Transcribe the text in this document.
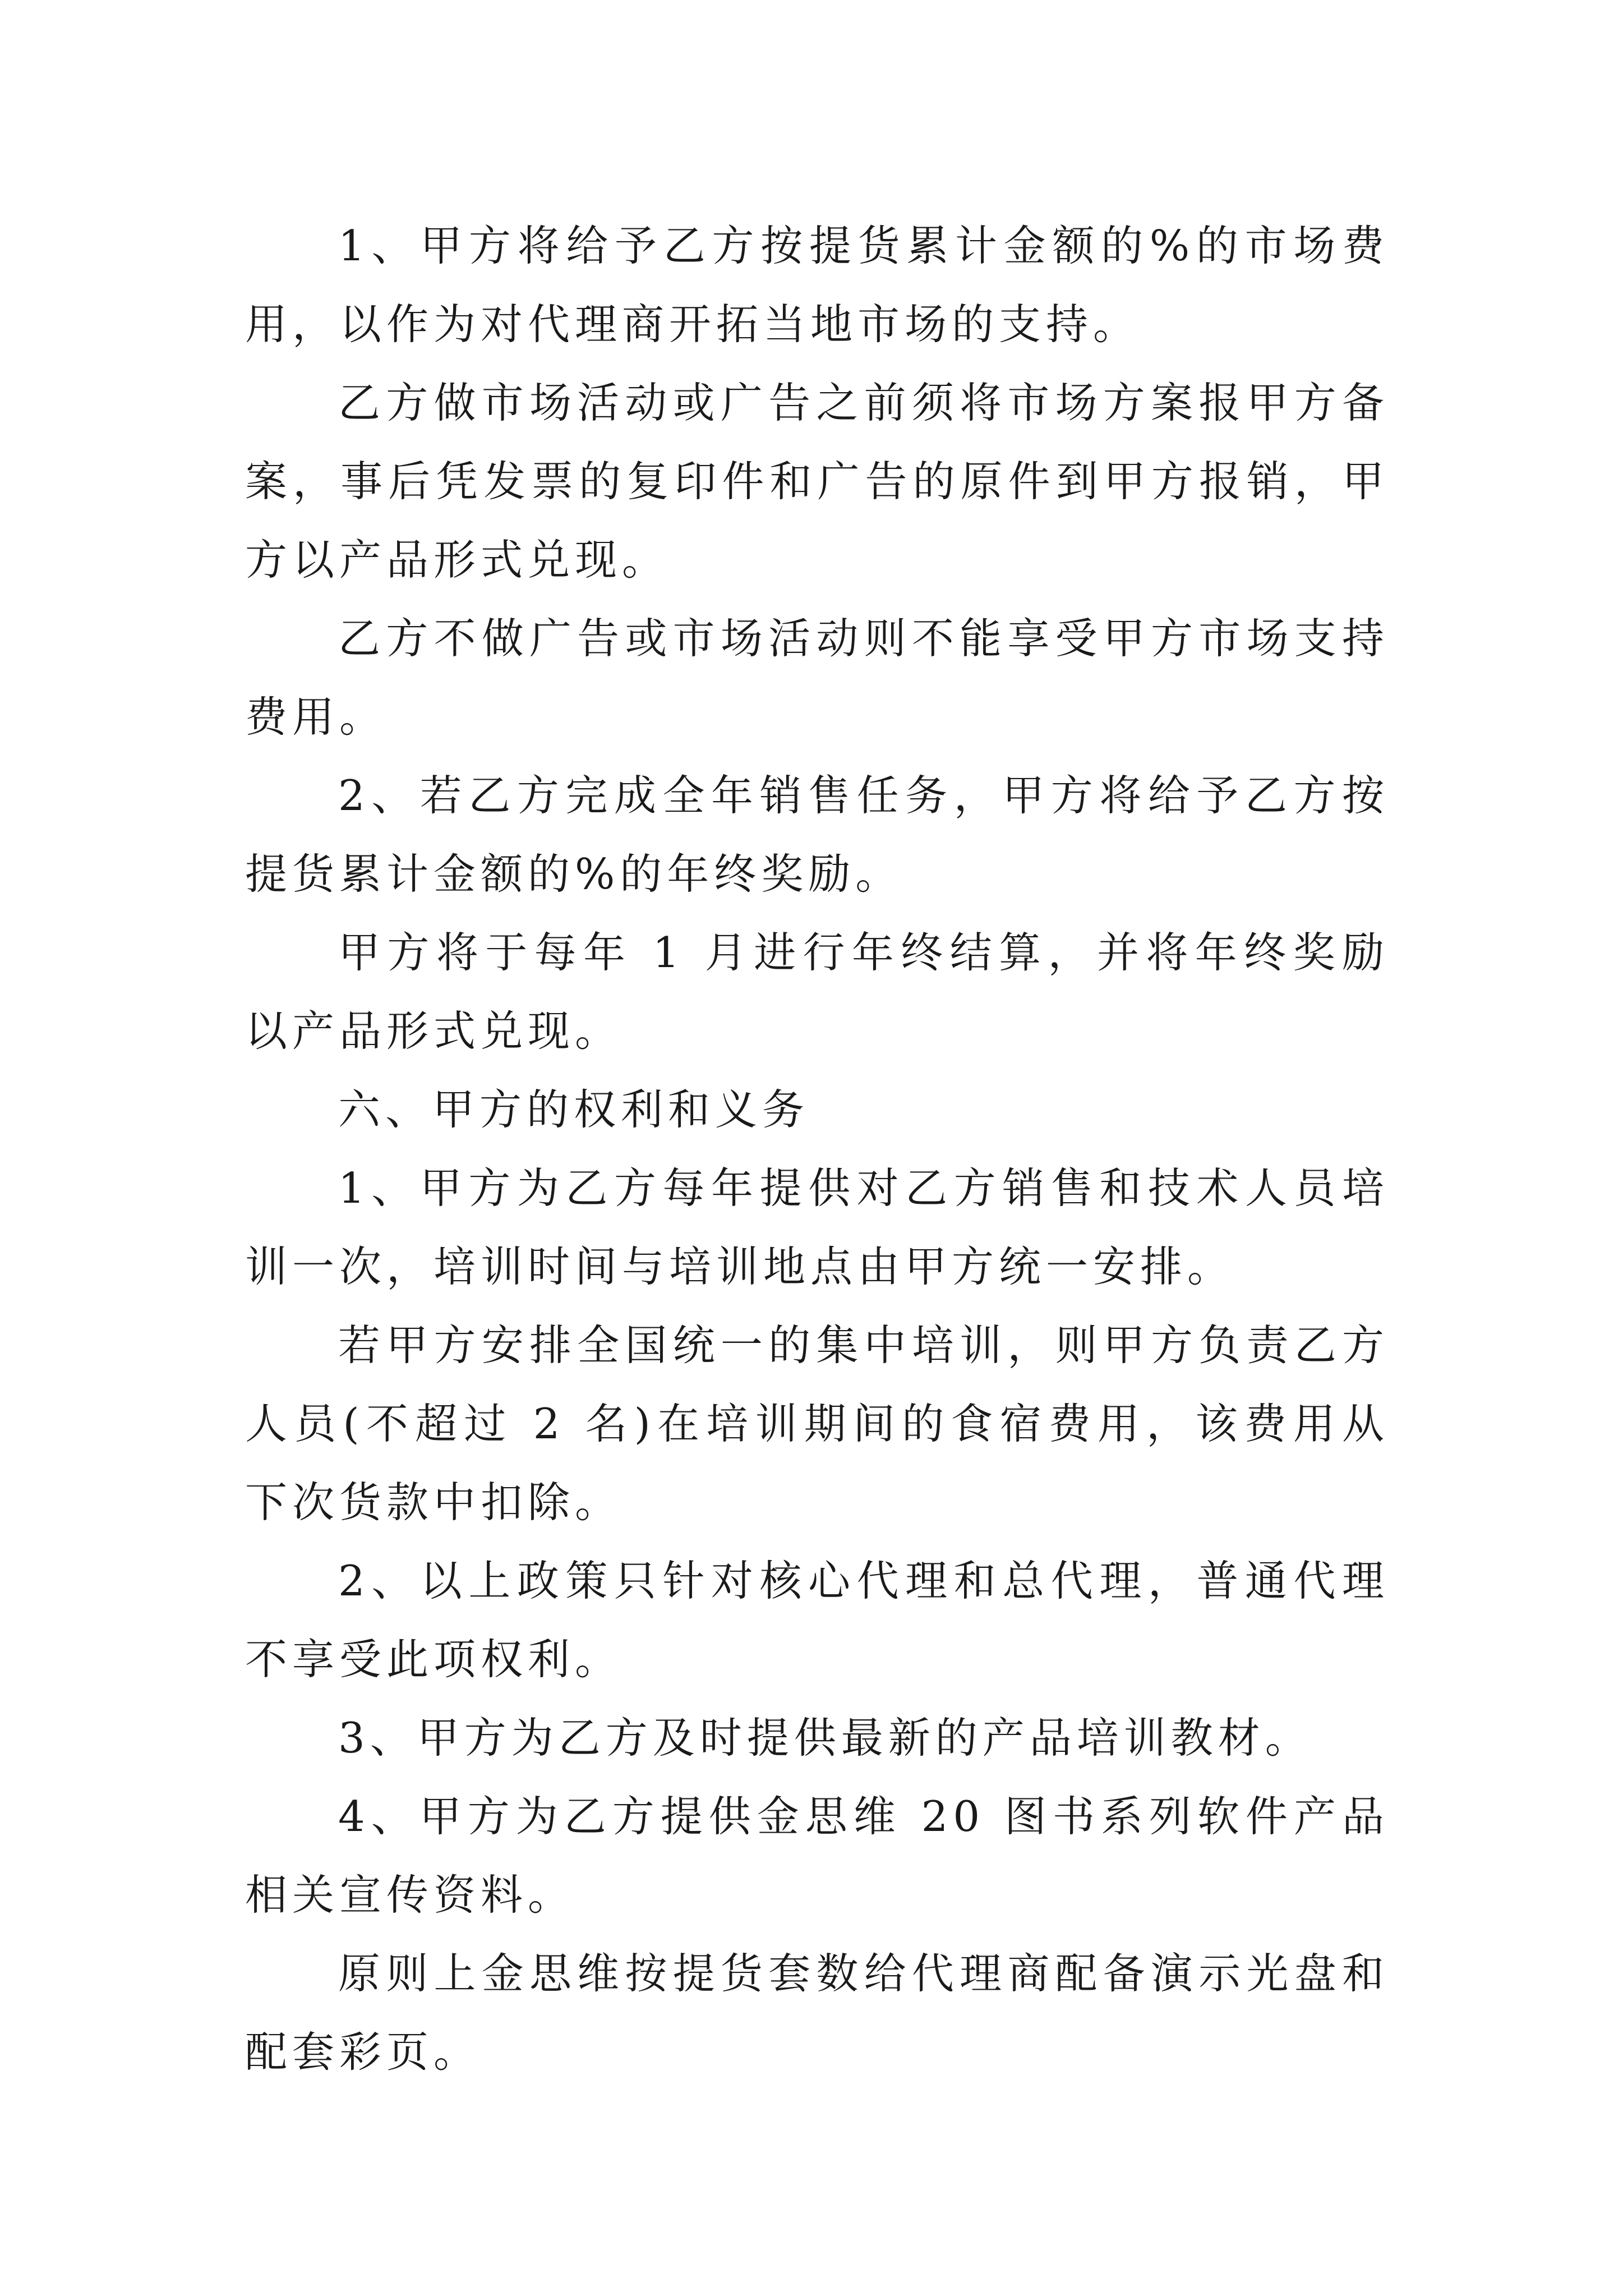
1、甲方将给予乙方按提货累计金额的%的市场费用，以作为对代理商开拓当地市场的支持。

乙方做市场活动或广告之前须将市场方案报甲方备案，事后凭发票的复印件和广告的原件到甲方报销，甲方以产品形式兑现。

乙方不做广告或市场活动则不能享受甲方市场支持费用。

2、若乙方完成全年销售任务，甲方将给予乙方按提货累计金额的%的年终奖励。

甲方将于每年 1 月进行年终结算，并将年终奖励以产品形式兑现。

六、甲方的权利和义务

1、甲方为乙方每年提供对乙方销售和技术人员培训一次，培训时间与培训地点由甲方统一安排。

若甲方安排全国统一的集中培训，则甲方负责乙方人员(不超过 2 名)在培训期间的食宿费用，该费用从下次货款中扣除。

2、以上政策只针对核心代理和总代理，普通代理不享受此项权利。

3、甲方为乙方及时提供最新的产品培训教材。

4、甲方为乙方提供金思维 20 图书系列软件产品相关宣传资料。

原则上金思维按提货套数给代理商配备演示光盘和配套彩页。
